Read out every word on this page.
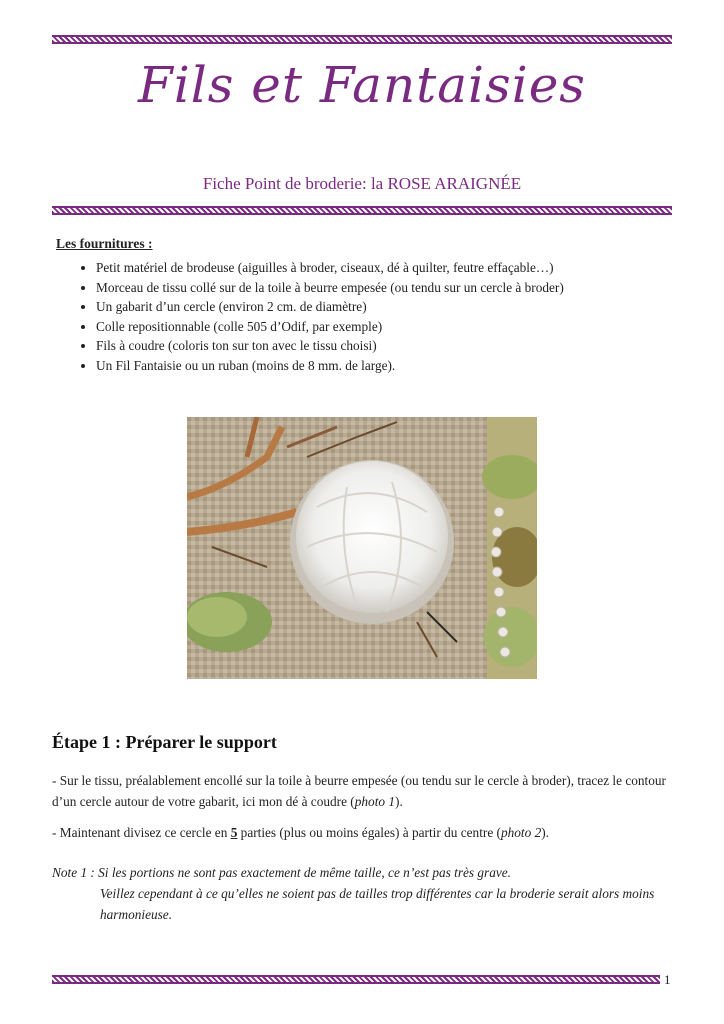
Fils et Fantaisies
Fiche Point de broderie: la ROSE ARAIGNÉE
Les fournitures :
• Petit matériel de brodeuse (aiguilles à broder, ciseaux, dé à quilter, feutre effaçable…)
• Morceau de tissu collé sur de la toile à beurre empesée (ou tendu sur un cercle à broder)
• Un gabarit d’un cercle (environ 2 cm. de diamètre)
• Colle repositionnable (colle 505 d’Odif, par exemple)
• Fils à coudre (coloris ton sur ton avec le tissu choisi)
• Un Fil Fantaisie ou un ruban (moins de 8 mm. de large).
Étape 1 : Préparer le support
- Sur le tissu, préalablement encollé sur la toile à beurre empesée (ou tendu sur le cercle à broder), tracez le contour d’un cercle autour de votre gabarit, ici mon dé à coudre (photo 1).
- Maintenant divisez ce cercle en 5 parties (plus ou moins égales) à partir du centre (photo 2).
Note 1 : Si les portions ne sont pas exactement de même taille, ce n’est pas très grave.
Veillez cependant à ce qu’elles ne soient pas de tailles trop différentes car la broderie serait alors moins harmonieuse.
1
